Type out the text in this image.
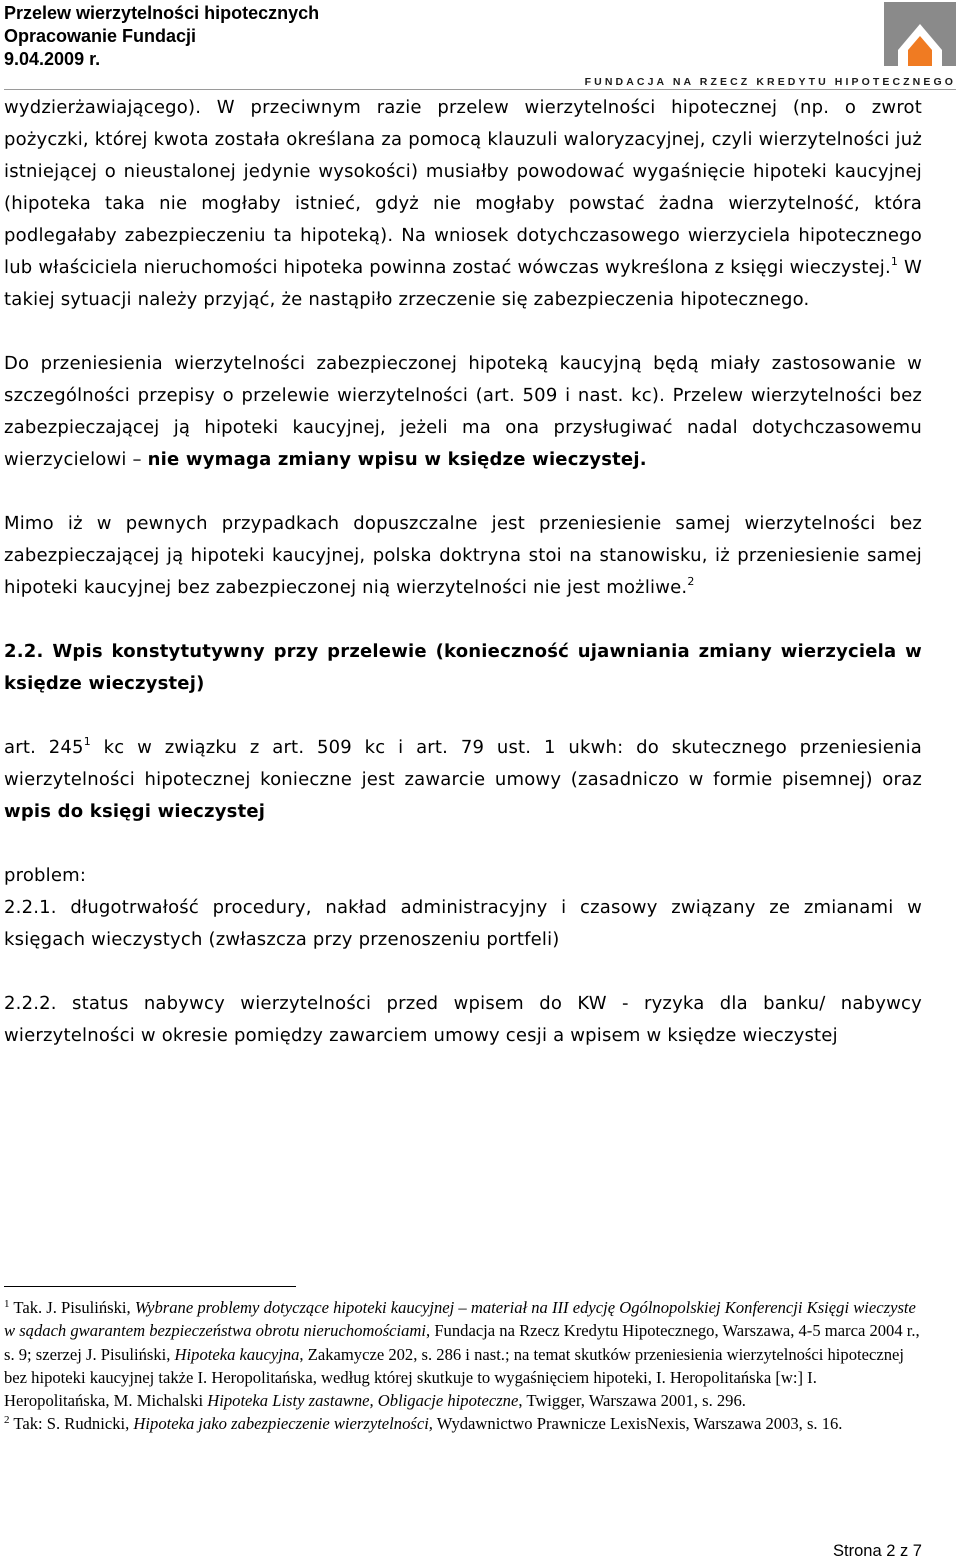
Przelew wierzytelności hipotecznych
Opracowanie Fundacji
9.04.2009 r.
FUNDACJA NA RZECZ KREDYTU HIPOTECZNEGO

wydzierżawiającego). W przeciwnym razie przelew wierzytelności hipotecznej (np. o zwrot pożyczki, której kwota została określana za pomocą klauzuli waloryzacyjnej, czyli wierzytelności już istniejącej o nieustalonej jedynie wysokości) musiałby powodować wygaśnięcie hipoteki kaucyjnej (hipoteka taka nie mogłaby istnieć, gdyż nie mogłaby powstać żadna wierzytelność, która podlegałaby zabezpieczeniu ta hipoteką). Na wniosek dotychczasowego wierzyciela hipotecznego lub właściciela nieruchomości hipoteka powinna zostać wówczas wykreślona z księgi wieczystej.$^1$ W takiej sytuacji należy przyjąć, że nastąpiło zrzeczenie się zabezpieczenia hipotecznego.

Do przeniesienia wierzytelności zabezpieczonej hipoteką kaucyjną będą miały zastosowanie w szczególności przepisy o przelewie wierzytelności (art. 509 i nast. kc). Przelew wierzytelności bez zabezpieczającej ją hipoteki kaucyjnej, jeżeli ma ona przysługiwać nadal dotychczasowemu wierzycielowi – nie wymaga zmiany wpisu w księdze wieczystej.

Mimo iż w pewnych przypadkach dopuszczalne jest przeniesienie samej wierzytelności bez zabezpieczającej ją hipoteki kaucyjnej, polska doktryna stoi na stanowisku, iż przeniesienie samej hipoteki kaucyjnej bez zabezpieczonej nią wierzytelności nie jest możliwe.$^2$

2.2. Wpis konstytutywny przy przelewie (konieczność ujawniania zmiany wierzyciela w księdze wieczystej)

art. $245^1$ kc w związku z art. 509 kc i art. 79 ust. 1 ukwh: do skutecznego przeniesienia wierzytelności hipotecznej konieczne jest zawarcie umowy (zasadniczo w formie pisemnej) oraz wpis do księgi wieczystej

problem:

2.2.1. długotrwałość procedury, nakład administracyjny i czasowy związany ze zmianami w księgach wieczystych (zwłaszcza przy przenoszeniu portfeli)

2.2.2. status nabywcy wierzytelności przed wpisem do KW - ryzyka dla banku/ nabywcy wierzytelności w okresie pomiędzy zawarciem umowy cesji a wpisem w księdze wieczystej

$^1$ Tak. J. Pisuliński, Wybrane problemy dotyczące hipoteki kaucyjnej – materiał na III edycję Ogólnopolskiej Konferencji Księgi wieczyste w sądach gwarantem bezpieczeństwa obrotu nieruchomościami, Fundacja na Rzecz Kredytu Hipotecznego, Warszawa, 4-5 marca 2004 r., s. 9; szerzej J. Pisuliński, Hipoteka kaucyjna, Zakamycze 202, s. 286 i nast.; na temat skutków przeniesienia wierzytelności hipotecznej bez hipoteki kaucyjnej także I. Heropolitańska, według której skutkuje to wygaśnięciem hipoteki, I. Heropolitańska [w:] I. Heropolitańska, M. Michalski Hipoteka Listy zastawne, Obligacje hipoteczne, Twigger, Warszawa 2001, s. 296.

$^2$ Tak: S. Rudnicki, Hipoteka jako zabezpieczenie wierzytelności, Wydawnictwo Prawnicze LexisNexis, Warszawa 2003, s. 16.

Strona 2 z 7
